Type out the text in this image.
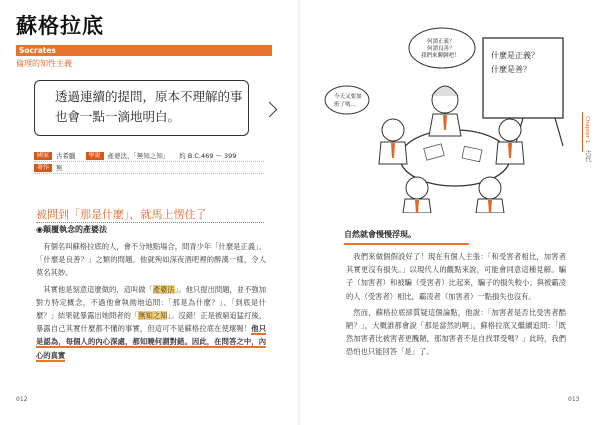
蘇格拉底
Socrates
倫理的知性主義
透過連續的提問，原本不理解的事
也會一點一滴地明白。
國家	古希臘	學說	產婆法、「無知之知」 約 B.C.469 ～ 399
著作	無
被問到「那是什麼」，就馬上愣住了
◉顛覆執念的產婆法

有個名叫蘇格拉底的人，會不分地點場合，問青少年「什麼是正義」、「什麼是良善？」之類的問題。他就殉如深夜酒吧裡的醉漢一樣，令人莫名其妙。

其實他是刻意這麼做的，這叫做「產婆法」。他只提出問題，並不強加對方特定概念，不過他會執拗地追問：「那是為什麼？」、「到底是什麼？」結果就暴露出她問者的「無知之知」。沒錯！正是被窮追猛打後，暴露自己其實什麼都不懂的事實，但這可不是蘇格拉底在使壞喔！他只是認為，每個人的內心深處，都知曉何謂對錯。因此，在問答之中，內心的真實

012
什麼是正義？
什麼是善？
何謂正義？
何謂良善？
我們來聊聊吧！
今天又要加
班了嗎…
Chapter 1
古代
自然就會慢慢浮現。

我們來做個假設好了！現在有個人主張：「和受害者相比，加害者其實更沒有損失。」以現代人的觀點來說，可能會同意這種見解。騙子（加害者）和被騙（受害者）比起來，騙子的損失較小；與被霸凌的人（受害者）相比，霸凌者（加害者）一點損失也沒有。

然而，蘇格拉底卻質疑這個論點，他說：「加害者是否比受害者酷陋？」，大概誰都會說「那是當然的啊」，蘇格拉底又繼續追問：「既然加害者比被害者更醜陋，那加害者不是自找罪受嗎？」此時，我們恐怕也只能回答「是」了。

013
